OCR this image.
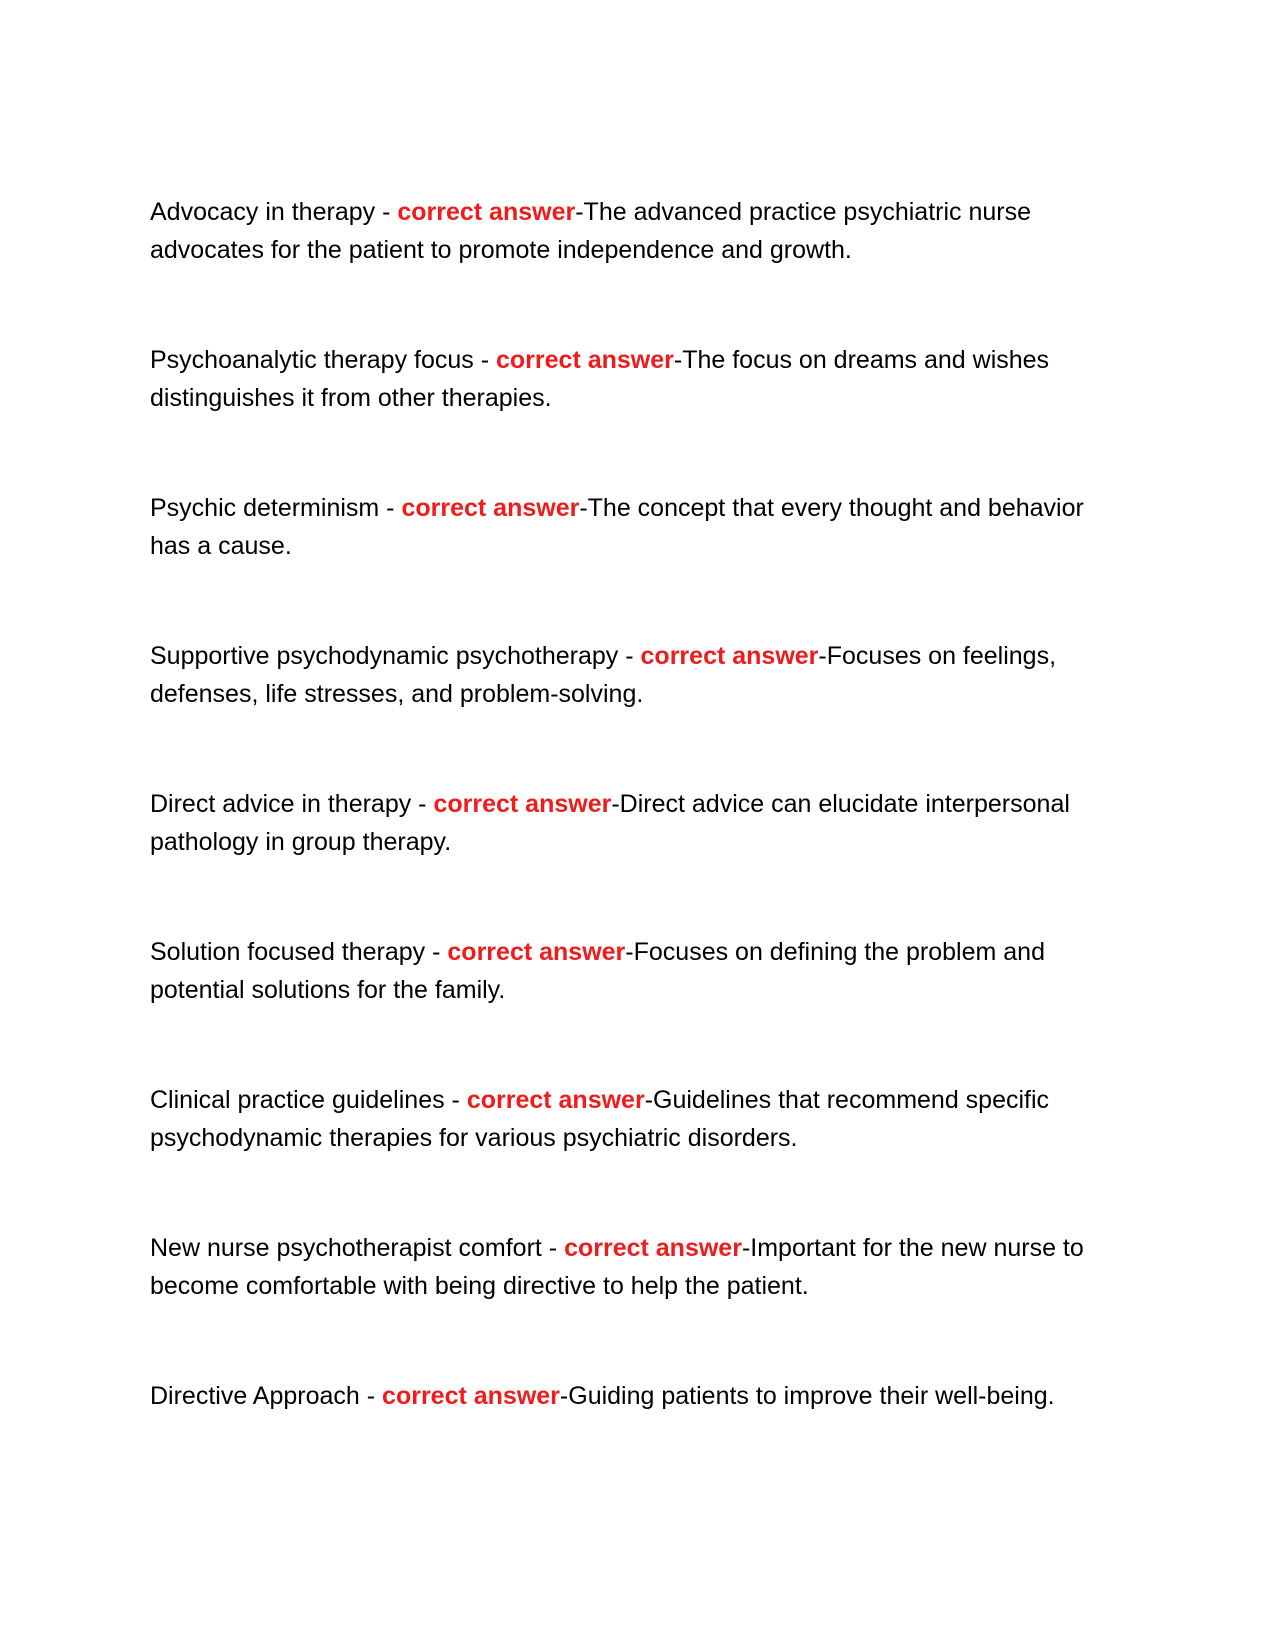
Advocacy in therapy - correct answer-The advanced practice psychiatric nurse advocates for the patient to promote independence and growth.
Psychoanalytic therapy focus - correct answer-The focus on dreams and wishes distinguishes it from other therapies.
Psychic determinism - correct answer-The concept that every thought and behavior has a cause.
Supportive psychodynamic psychotherapy - correct answer-Focuses on feelings, defenses, life stresses, and problem-solving.
Direct advice in therapy - correct answer-Direct advice can elucidate interpersonal pathology in group therapy.
Solution focused therapy - correct answer-Focuses on defining the problem and potential solutions for the family.
Clinical practice guidelines - correct answer-Guidelines that recommend specific psychodynamic therapies for various psychiatric disorders.
New nurse psychotherapist comfort - correct answer-Important for the new nurse to become comfortable with being directive to help the patient.
Directive Approach - correct answer-Guiding patients to improve their well-being.
